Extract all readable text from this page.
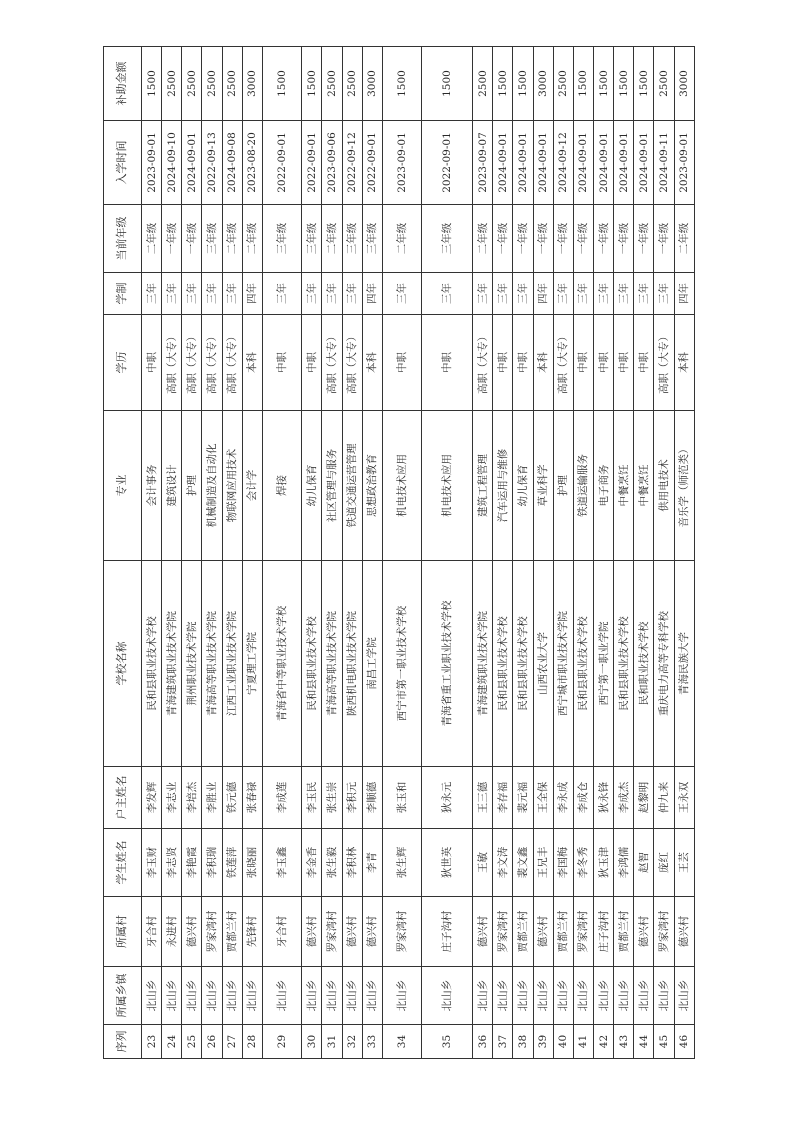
序列	所属乡镇	所属村	学生姓名	户主姓名	学校名称	专业	学历	学制	当前年级	入学时间	补助金额
23	北山乡	牙合村	李玉财	李发辉	民和县职业技术学校	会计事务	中职	三年	二年级	2023-09-01	1500
24	北山乡	永进村	李志贤	李志业	青海建筑职业技术学院	建筑设计	高职（大专）	三年	一年级	2024-09-10	2500
25	北山乡	德兴村	李艳霞	李培杰	荆州职业技术学院	护理	高职（大专）	三年	一年级	2024-09-01	2500
26	北山乡	罗家湾村	李积瑞	李胜业	青海高等职业技术学院	机械制造及自动化	高职（大专）	三年	三年级	2022-09-13	2500
27	北山乡	贾都兰村	铁莲萍	铁元德	江西工业职业技术学院	物联网应用技术	高职（大专）	三年	二年级	2024-09-08	2500
28	北山乡	先锋村	张晓丽	张春禄	宁夏理工学院	会计学	本科	四年	二年级	2023-08-20	3000
29	北山乡	牙合村	李玉鑫	李成莲	青海省中等职业技术学校	焊接	中职	三年	三年级	2022-09-01	1500
30	北山乡	德兴村	李金香	李玉民	民和县职业技术学校	幼儿保育	中职	三年	三年级	2022-09-01	1500
31	北山乡	罗家湾村	张生毅	张生崇	青海高等职业技术学院	社区管理与服务	高职（大专）	三年	二年级	2023-09-06	2500
32	北山乡	德兴村	李积林	李积元	陕西机电职业技术学院	铁道交通运营管理	高职（大专）	三年	三年级	2022-09-12	2500
33	北山乡	德兴村	李青	李顺德	南昌工学院	思想政治教育	本科	四年	三年级	2022-09-01	3000
34	北山乡	罗家湾村	张生辉	张玉和	西宁市第一职业技术学校	机电技术应用	中职	三年	二年级	2023-09-01	1500
35	北山乡	庄子沟村	狄世英	狄永元	青海省重工业职业技术学校	机电技术应用	中职	三年	三年级	2022-09-01	1500
36	北山乡	德兴村	王敏	王三德	青海建筑职业技术学院	建筑工程管理	高职（大专）	三年	二年级	2023-09-07	2500
37	北山乡	罗家湾村	李文涛	李存福	民和县职业技术学校	汽车运用与维修	中职	三年	一年级	2024-09-01	1500
38	北山乡	贾都兰村	裴文鑫	裴元福	民和县职业技术学校	幼儿保育	中职	三年	一年级	2024-09-01	1500
39	北山乡	德兴村	王兄丰	王全保	山西农业大学	草业科学	本科	四年	一年级	2024-09-01	3000
40	北山乡	贾都兰村	李国梅	李永成	西宁城市职业技术学院	护理	高职（大专）	三年	一年级	2024-09-12	2500
41	北山乡	罗家湾村	李冬秀	李成仓	民和县职业技术学校	铁道运输服务	中职	三年	一年级	2024-09-01	1500
42	北山乡	庄子沟村	狄玉津	狄永锋	西宁第一职业学院	电子商务	中职	三年	一年级	2024-09-01	1500
43	北山乡	贾都兰村	李鸿儒	李成杰	民和县职业技术学校	中餐烹饪	中职	三年	一年级	2024-09-01	1500
44	北山乡	德兴村	赵智	赵黎明	民和职业技术学校	中餐烹饪	中职	三年	一年级	2024-09-01	1500
45	北山乡	罗家湾村	庞红	仲九来	重庆电力高等专科学校	供用电技术	高职（大专）	三年	一年级	2024-09-11	2500
46	北山乡	德兴村	王芸	王永双	青海民族大学	音乐学（师范类）	本科	四年	二年级	2023-09-01	3000
